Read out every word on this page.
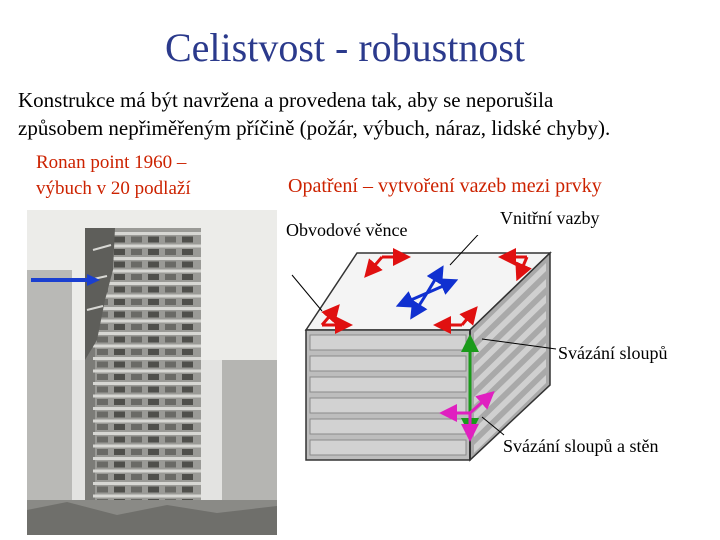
Celistvost - robustnost
Konstrukce má být navržena a provedena tak, aby se neporušila
způsobem nepřiměřeným příčině (požár, výbuch, náraz, lidské chyby).
Ronan point 1960 –
výbuch v 20 podlaží	Opatření – vytvoření vazeb mezi prvky
Obvodové věnce
Vnitřní vazby
Svázání sloupů
Svázání sloupů a stěn
